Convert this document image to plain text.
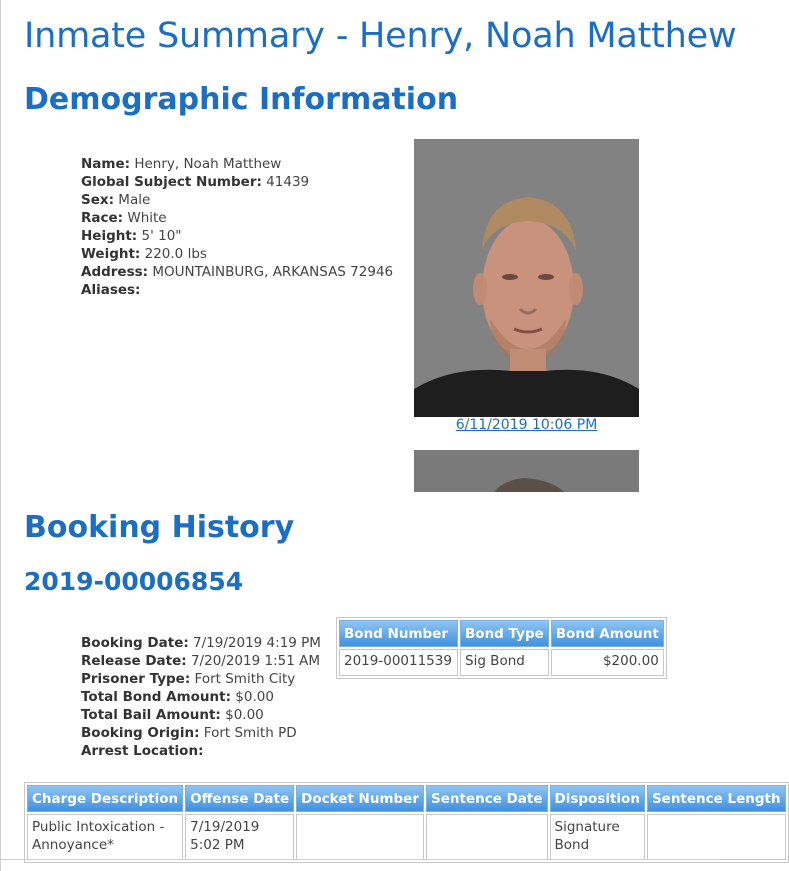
Inmate Summary - Henry, Noah Matthew
Demographic Information
Name: Henry, Noah Matthew
Global Subject Number: 41439
Sex: Male
Race: White
Height: 5' 10"
Weight: 220.0 lbs
Address: MOUNTAINBURG, ARKANSAS 72946
Aliases:
6/11/2019 10:06 PM
Booking History
2019-00006854
Booking Date: 7/19/2019 4:19 PM
Release Date: 7/20/2019 1:51 AM
Prisoner Type: Fort Smith City
Total Bond Amount: $0.00
Total Bail Amount: $0.00
Booking Origin: Fort Smith PD
Arrest Location:
Bond Number	Bond Type	Bond Amount
2019-00011539	Sig Bond	$200.00
Charge Description	Offense Date	Docket Number	Sentence Date	Disposition	Sentence Length
Public Intoxication - Annoyance*	7/19/2019 5:02 PM			Signature Bond	
